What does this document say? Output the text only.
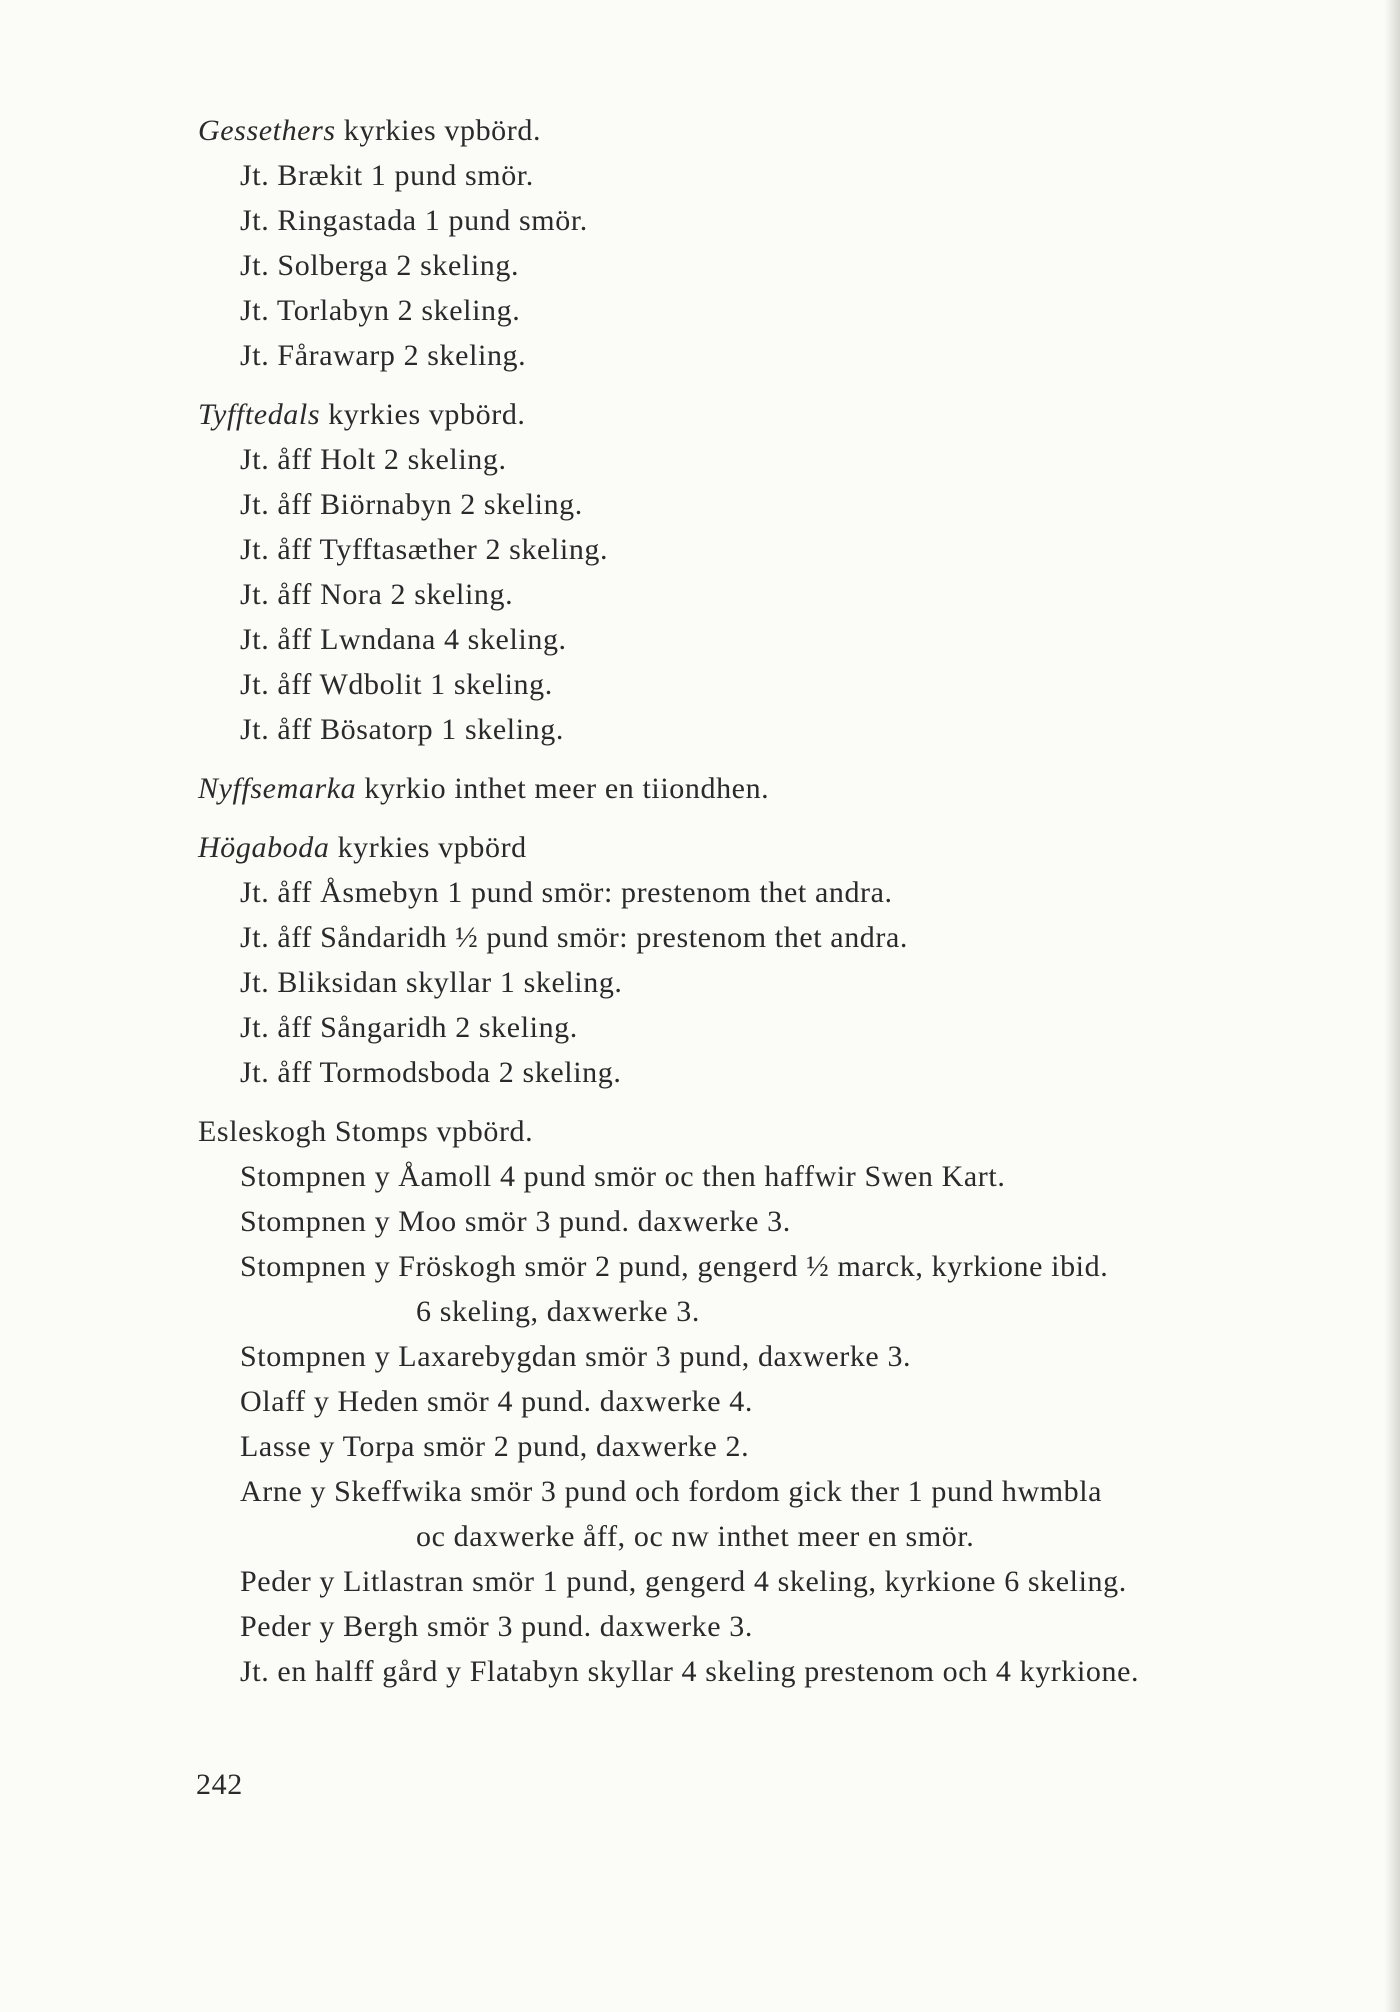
Gessethers kyrkies vpbörd.
Jt. Brækit 1 pund smör.
Jt. Ringastada 1 pund smör.
Jt. Solberga 2 skeling.
Jt. Torlabyn 2 skeling.
Jt. Fårawarp 2 skeling.
Tyfftedals kyrkies vpbörd.
Jt. åff Holt 2 skeling.
Jt. åff Biörnabyn 2 skeling.
Jt. åff Tyfftasæther 2 skeling.
Jt. åff Nora 2 skeling.
Jt. åff Lwndana 4 skeling.
Jt. åff Wdbolit 1 skeling.
Jt. åff Bösatorp 1 skeling.
Nyffsemarka kyrkio inthet meer en tiiondhen.
Högaboda kyrkies vpbörd
Jt. åff Åsmebyn 1 pund smör: prestenom thet andra.
Jt. åff Såndaridh ½ pund smör: prestenom thet andra.
Jt. Bliksidan skyllar 1 skeling.
Jt. åff Sångaridh 2 skeling.
Jt. åff Tormodsboda 2 skeling.
Esleskogh Stomps vpbörd.
Stompnen y Åamoll 4 pund smör oc then haffwir Swen Kart.
Stompnen y Moo smör 3 pund. daxwerke 3.
Stompnen y Fröskogh smör 2 pund, gengerd ½ marck, kyrkione ibid.
6 skeling, daxwerke 3.
Stompnen y Laxarebygdan smör 3 pund, daxwerke 3.
Olaff y Heden smör 4 pund. daxwerke 4.
Lasse y Torpa smör 2 pund, daxwerke 2.
Arne y Skeffwika smör 3 pund och fordom gick ther 1 pund hwmbla
oc daxwerke åff, oc nw inthet meer en smör.
Peder y Litlastran smör 1 pund, gengerd 4 skeling, kyrkione 6 skeling.
Peder y Bergh smör 3 pund. daxwerke 3.
Jt. en halff gård y Flatabyn skyllar 4 skeling prestenom och 4 kyrkione.
242
